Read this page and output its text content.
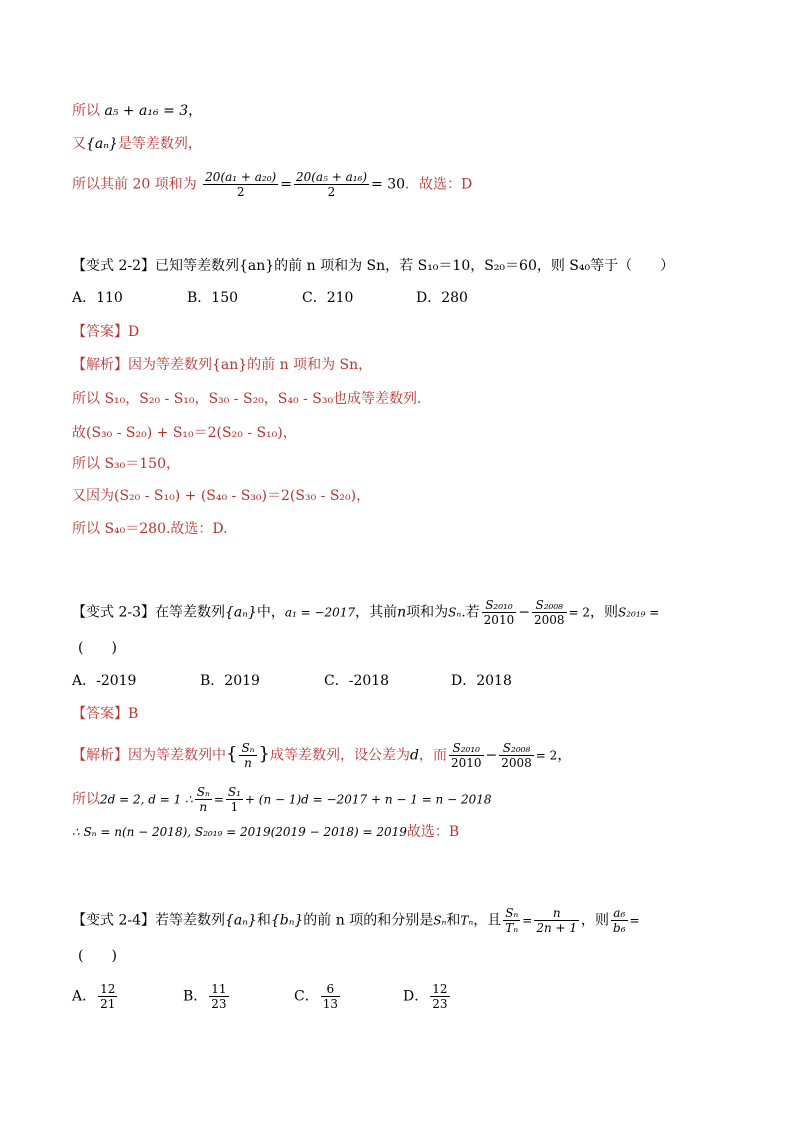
所以 a₅ + a₁₆ = 3，
又{aₙ}是等差数列，
所以其前 20 项和为 $\frac{\text{20(a₁ + a₂₀)}}{2} = \frac{\text{20(a₅ + a₁₆)}}{2} = 30$．故选：D
【变式 2-2】已知等差数列{an}的前 n 项和为 Sn，若 S₁₀＝10，S₂₀＝60，则 S₄₀等于（　　）
A．110	B．150	C．210	D．280
【答案】D
【解析】因为等差数列{an}的前 n 项和为 Sn，
所以 S₁₀，S₂₀ - S₁₀，S₃₀ - S₂₀，S₄₀ - S₃₀也成等差数列．
故(S₃₀ - S₂₀) + S₁₀＝2(S₂₀ - S₁₀)，
所以 S₃₀＝150，
又因为(S₂₀ - S₁₀) + (S₄₀ - S₃₀)＝2(S₃₀ - S₂₀)，
所以 S₄₀＝280.故选：D.
【变式 2-3】在等差数列{aₙ}中，a₁ = −2017，其前n项和为Sₙ.若 $\frac{\text{S₂₀₁₀}}{2010} - \frac{\text{S₂₀₀₈}}{2008} = 2$，则S₂₀₁₉ =
(　　)
A．-2019	B．2019	C．-2018	D．2018
【答案】B
【解析】因为等差数列中{ $\frac{\text{Sₙ}}{n}$ }成等差数列，设公差为d，而 $\frac{\text{S₂₀₁₀}}{2010} - \frac{\text{S₂₀₀₈}}{2008} = 2$，
所以2d = 2, d = 1 ∴ $\frac{\text{Sₙ}}{n} = \frac{\text{S₁}}{1} + (n - 1)d = -2017 + n - 1 = n - 2018$
∴ Sₙ = n(n − 2018), S₂₀₁₉ = 2019(2019 − 2018) = 2019故选：B
【变式 2-4】若等差数列{aₙ}和{bₙ}的前 n 项的和分别是Sₙ和Tₙ，且 $\frac{\text{Sₙ}}{\text{Tₙ}} = \frac{n}{2n + 1}$ ，则 $\frac{\text{a₆}}{\text{b₆}}$ =
(　　)
A． $\frac{12}{21}$	B． $\frac{11}{23}$	C． $\frac{6}{13}$	D． $\frac{12}{23}$
